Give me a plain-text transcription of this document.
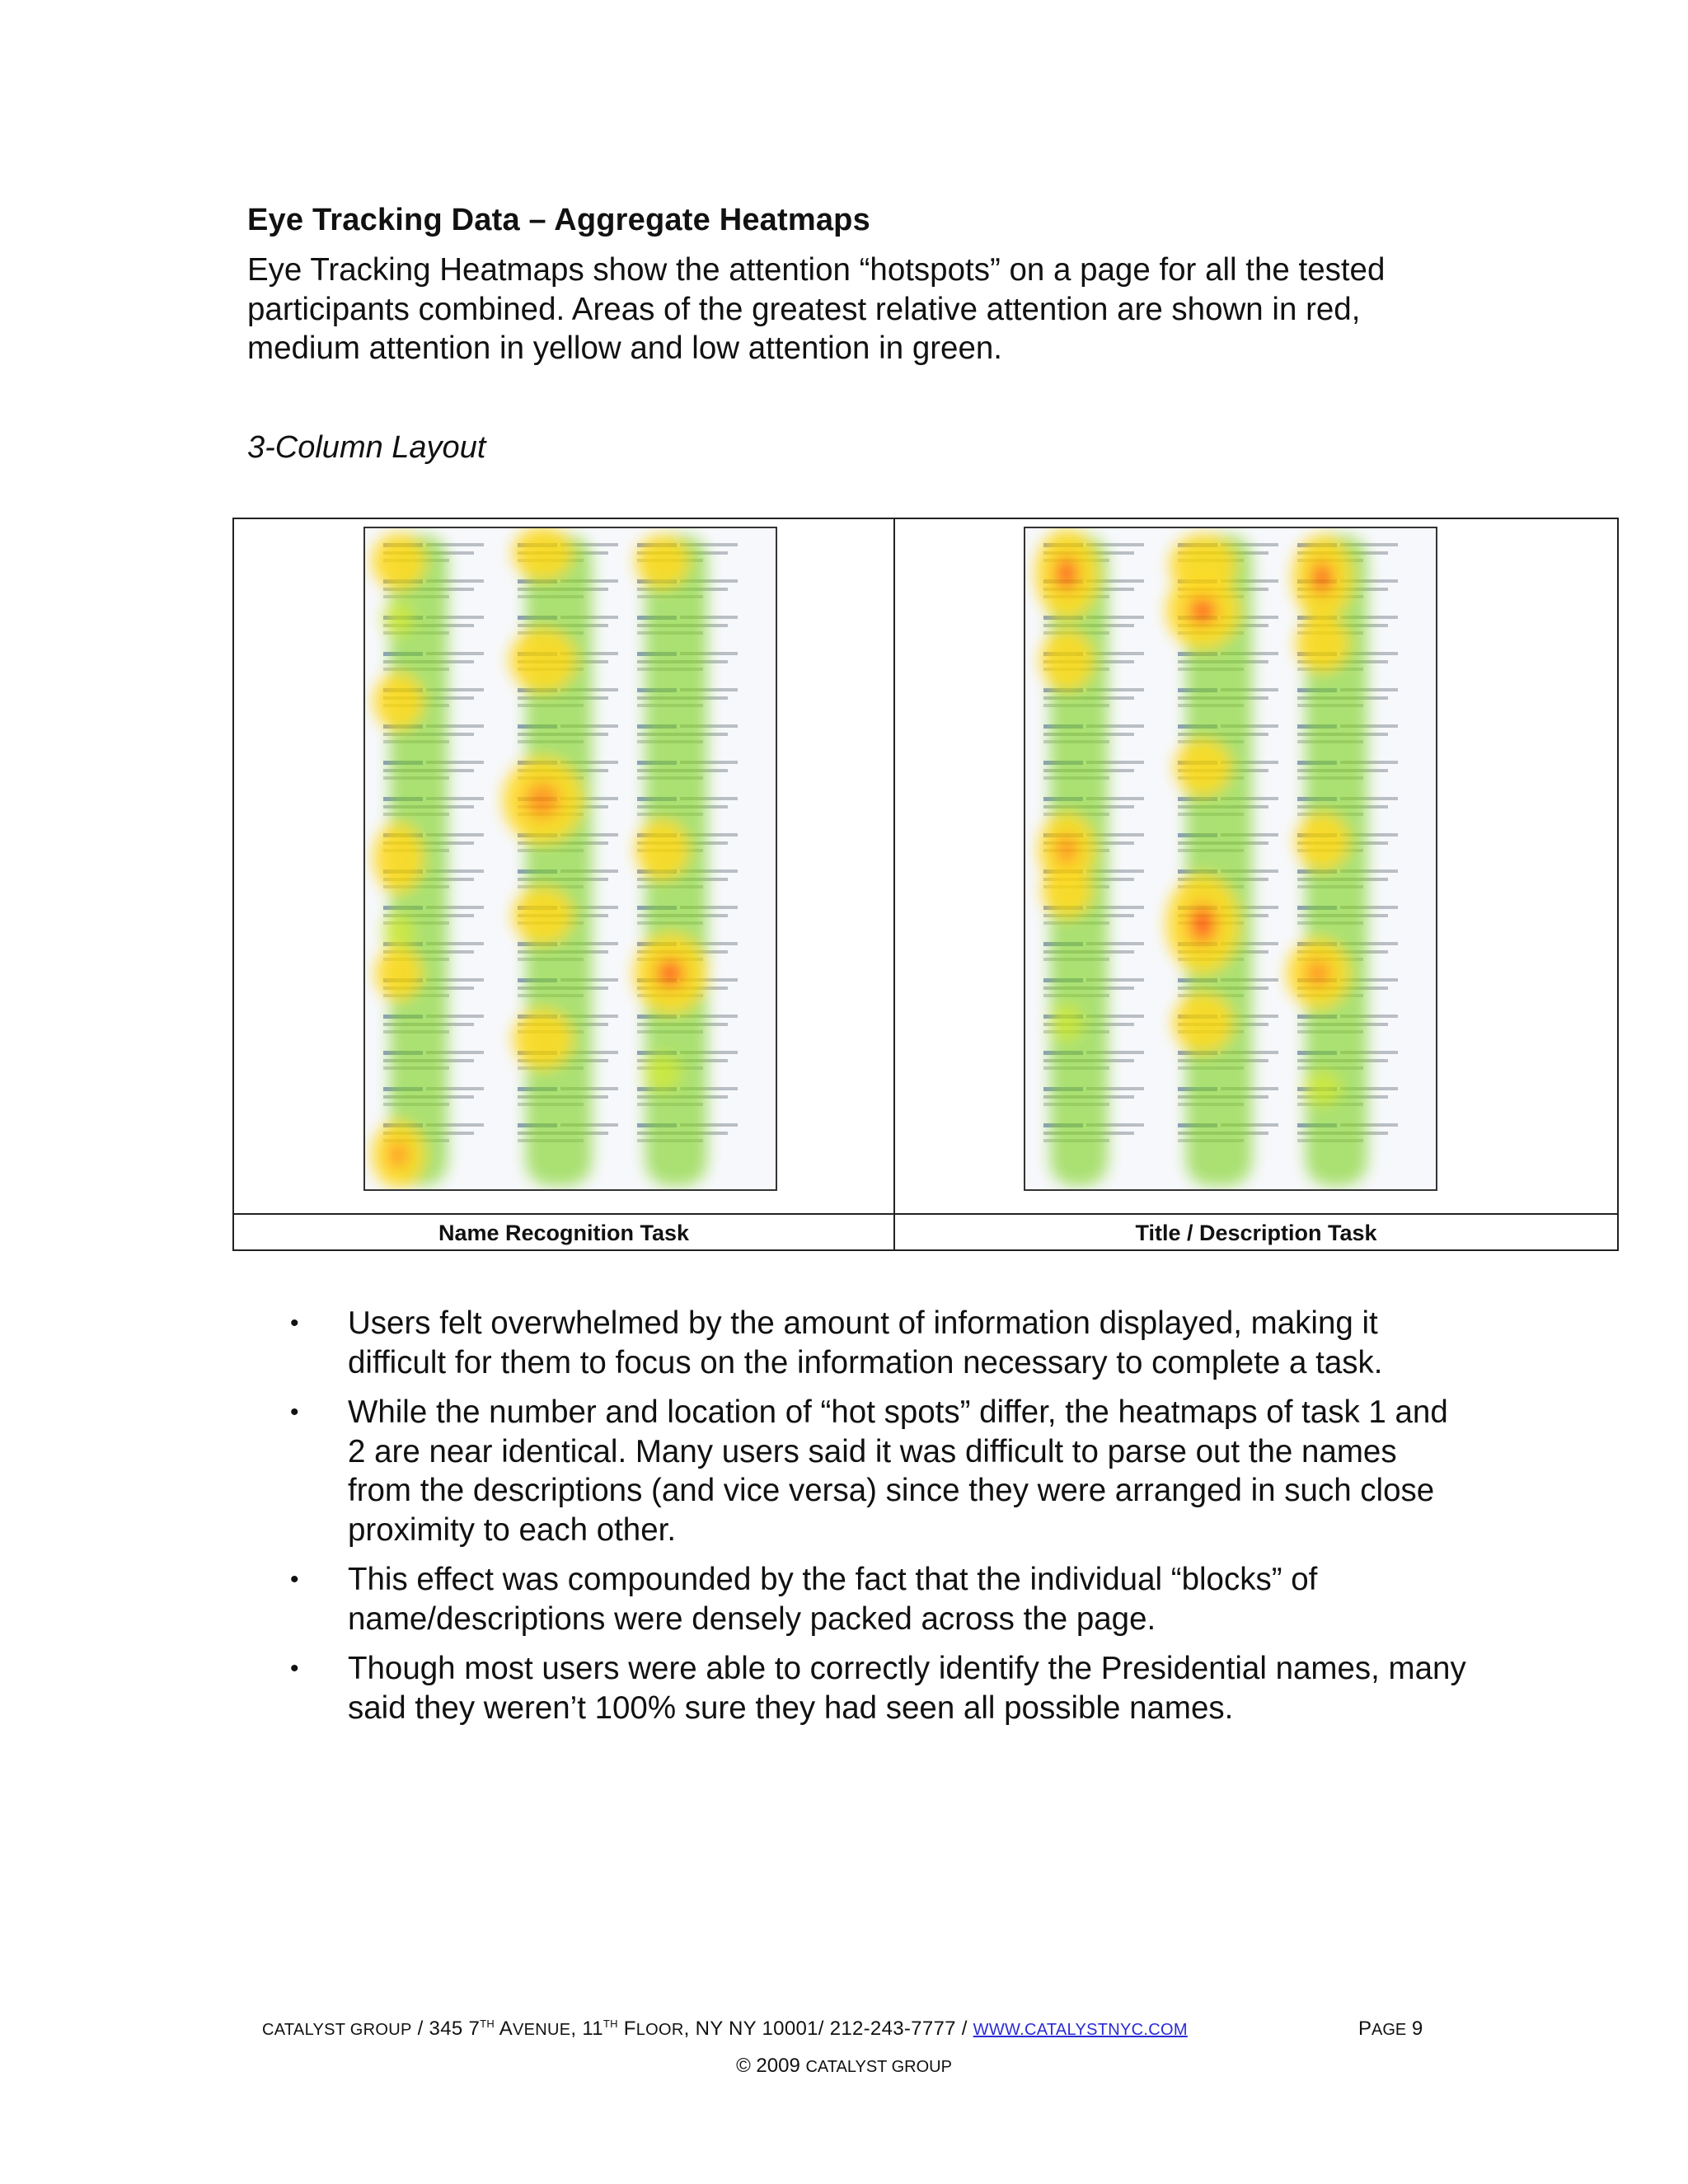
Eye Tracking Data – Aggregate Heatmaps
Eye Tracking Heatmaps show the attention “hotspots” on a page for all the tested participants combined. Areas of the greatest relative attention are shown in red, medium attention in yellow and low attention in green.
3-Column Layout
Name Recognition Task	Title / Description Task
• Users felt overwhelmed by the amount of information displayed, making it difficult for them to focus on the information necessary to complete a task.
• While the number and location of “hot spots” differ, the heatmaps of task 1 and 2 are near identical. Many users said it was difficult to parse out the names from the descriptions (and vice versa) since they were arranged in such close proximity to each other.
• This effect was compounded by the fact that the individual “blocks” of name/descriptions were densely packed across the page.
• Though most users were able to correctly identify the Presidential names, many said they weren’t 100% sure they had seen all possible names.
CATALYST GROUP / 345 7TH AVENUE, 11TH FLOOR, NY NY 10001/ 212-243-7777 / WWW.CATALYSTNYC.COM	PAGE 9
© 2009 CATALYST GROUP
